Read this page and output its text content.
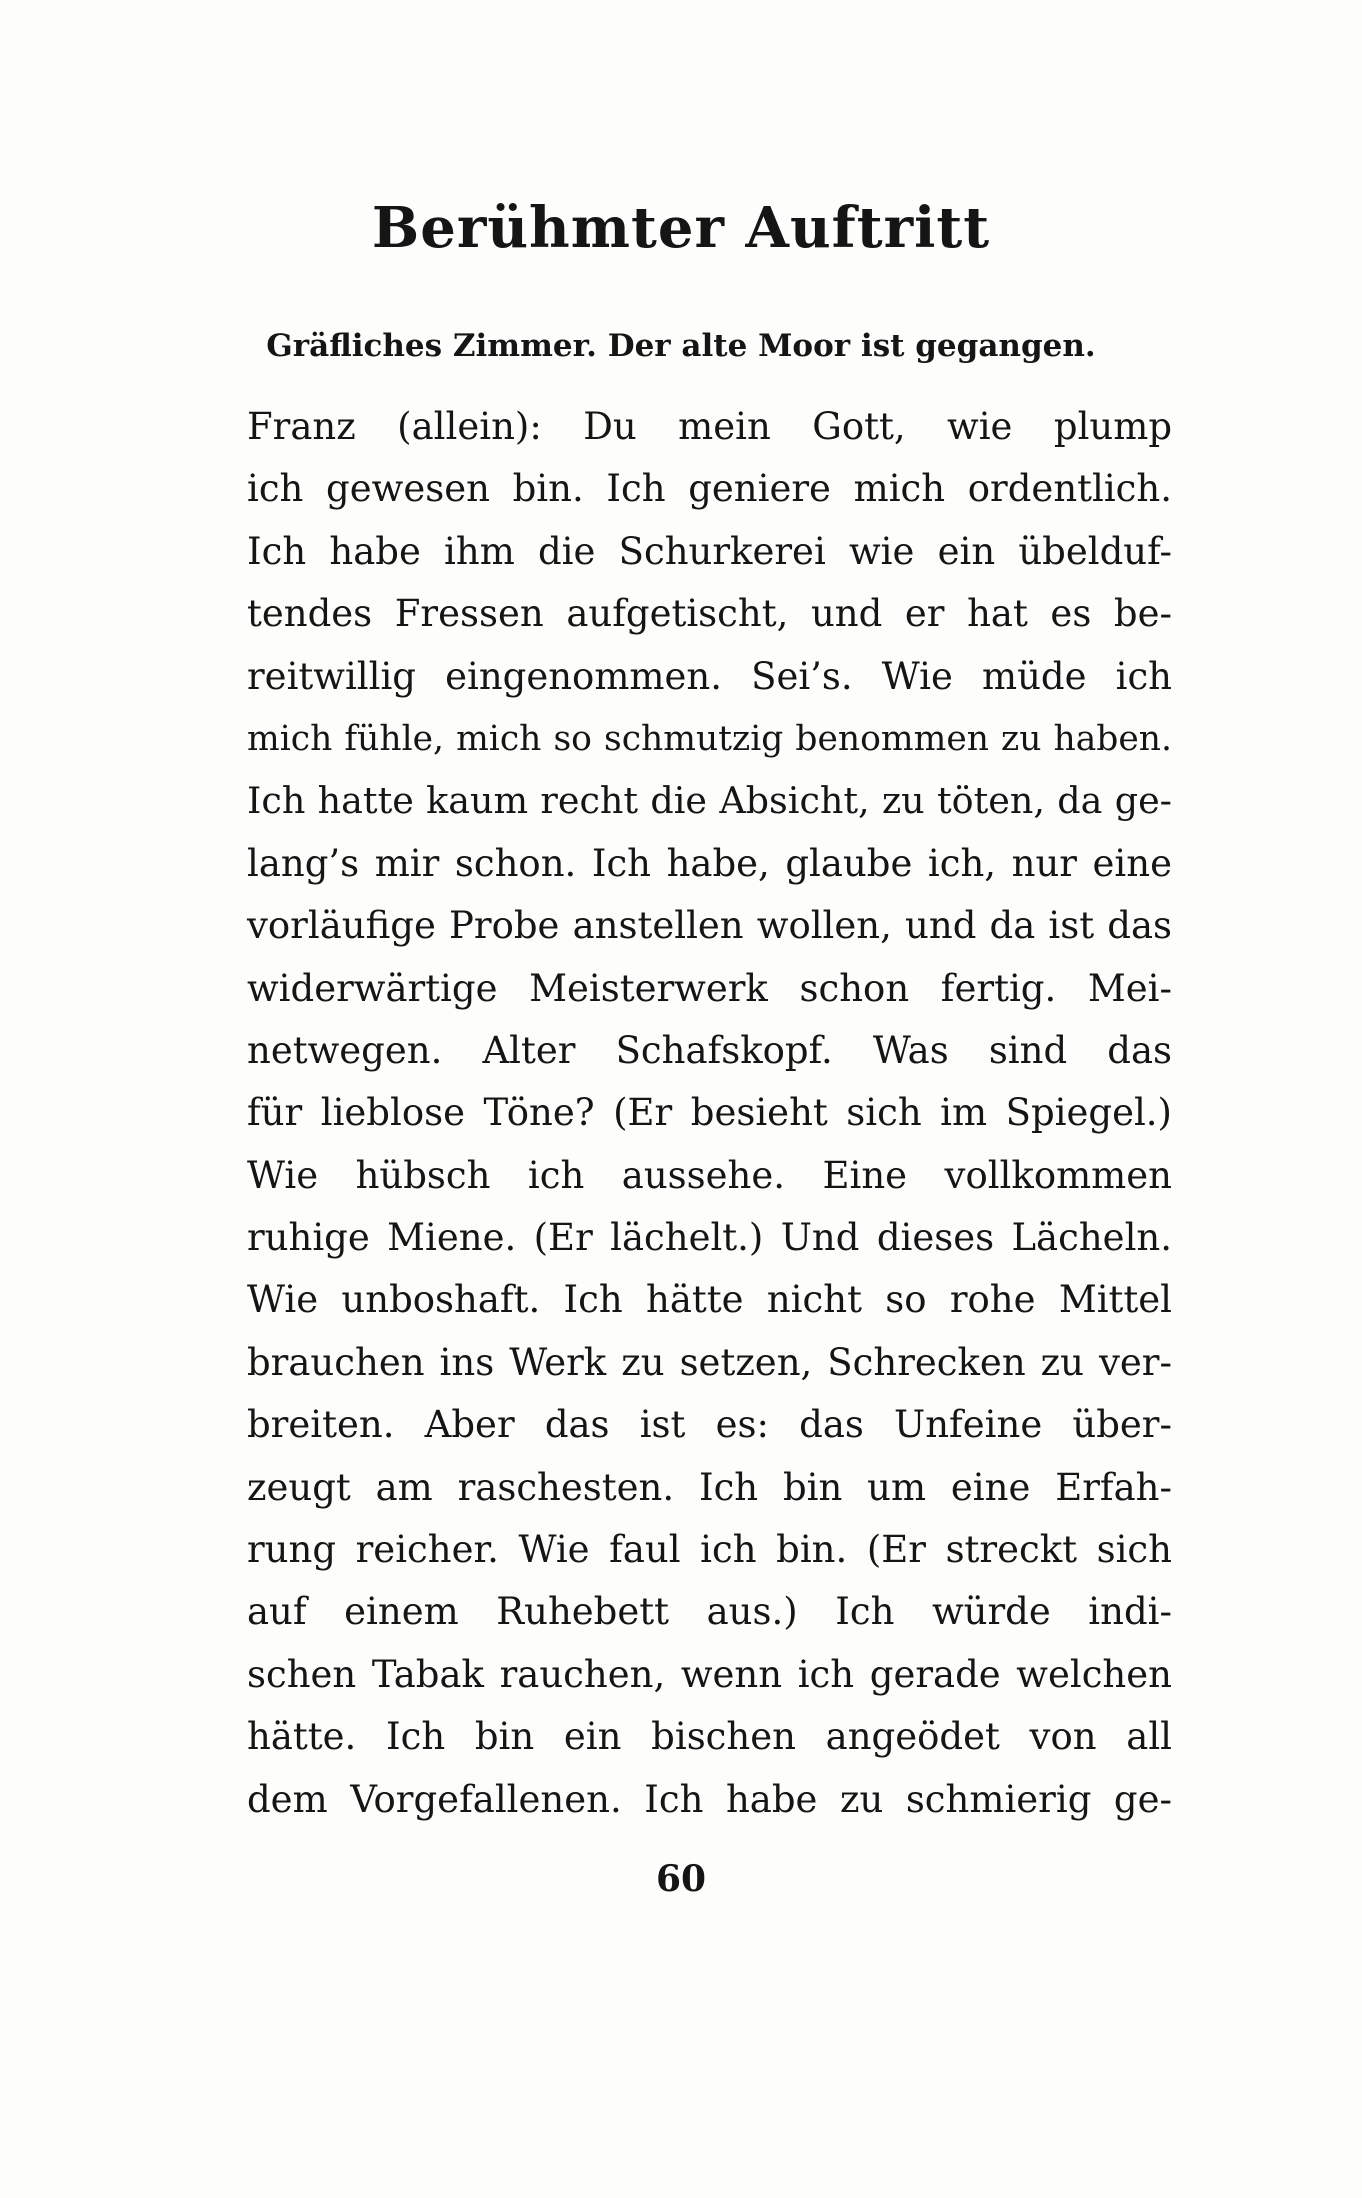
Berühmter Auftritt
Gräfliches Zimmer. Der alte Moor ist gegangen.
Franz (allein): Du mein Gott, wie plump
ich gewesen bin. Ich geniere mich ordentlich.
Ich habe ihm die Schurkerei wie ein übelduf-
tendes Fressen aufgetischt, und er hat es be-
reitwillig eingenommen. Sei’s. Wie müde ich
mich fühle, mich so schmutzig benommen zu haben.
Ich hatte kaum recht die Absicht, zu töten, da ge-
lang’s mir schon. Ich habe, glaube ich, nur eine
vorläufige Probe anstellen wollen, und da ist das
widerwärtige Meisterwerk schon fertig. Mei-
netwegen. Alter Schafskopf. Was sind das
für lieblose Töne? (Er besieht sich im Spiegel.)
Wie hübsch ich aussehe. Eine vollkommen
ruhige Miene. (Er lächelt.) Und dieses Lächeln.
Wie unboshaft. Ich hätte nicht so rohe Mittel
brauchen ins Werk zu setzen, Schrecken zu ver-
breiten. Aber das ist es: das Unfeine über-
zeugt am raschesten. Ich bin um eine Erfah-
rung reicher. Wie faul ich bin. (Er streckt sich
auf einem Ruhebett aus.) Ich würde indi-
schen Tabak rauchen, wenn ich gerade welchen
hätte. Ich bin ein bischen angeödet von all
dem Vorgefallenen. Ich habe zu schmierig ge-
60
